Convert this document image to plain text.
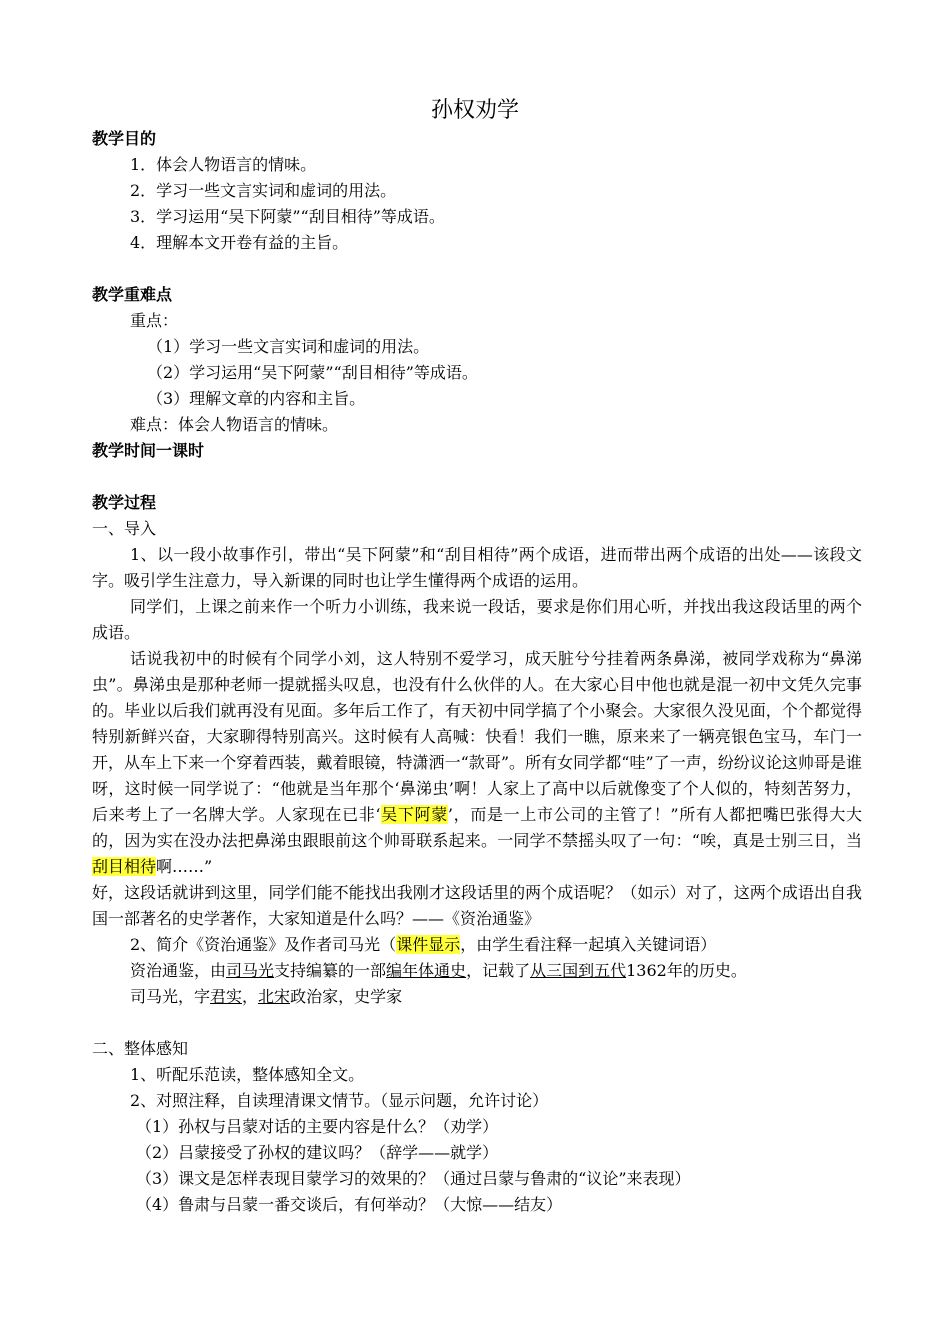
孙权劝学

教学目的

1．体会人物语言的情味。

2．学习一些文言实词和虚词的用法。

3．学习运用“吴下阿蒙”“刮目相待”等成语。

4．理解本文开卷有益的主旨。

教学重难点

重点：

（1）学习一些文言实词和虚词的用法。

（2）学习运用“吴下阿蒙”“刮目相待”等成语。

（3）理解文章的内容和主旨。

难点：体会人物语言的情味。

教学时间一课时

教学过程

一、导入

1、以一段小故事作引，带出“吴下阿蒙”和“刮目相待”两个成语，进而带出两个成语的出处——该段文字。吸引学生注意力，导入新课的同时也让学生懂得两个成语的运用。

同学们，上课之前来作一个听力小训练，我来说一段话，要求是你们用心听，并找出我这段话里的两个成语。

话说我初中的时候有个同学小刘，这人特别不爱学习，成天脏兮兮挂着两条鼻涕，被同学戏称为“鼻涕虫”。鼻涕虫是那种老师一提就摇头叹息，也没有什么伙伴的人。在大家心目中他也就是混一初中文凭久完事的。毕业以后我们就再没有见面。多年后工作了，有天初中同学搞了个小聚会。大家很久没见面，个个都觉得特别新鲜兴奋，大家聊得特别高兴。这时候有人高喊：快看！我们一瞧，原来来了一辆亮银色宝马，车门一开，从车上下来一个穿着西装，戴着眼镜，特潇洒一“款哥”。所有女同学都“哇”了一声，纷纷议论这帅哥是谁呀，这时候一同学说了：“他就是当年那个‘鼻涕虫’啊！人家上了高中以后就像变了个人似的，特刻苦努力，后来考上了一名牌大学。人家现在已非‘吴下阿蒙’，而是一上市公司的主管了！”所有人都把嘴巴张得大大的，因为实在没办法把鼻涕虫跟眼前这个帅哥联系起来。一同学不禁摇头叹了一句：“唉，真是士别三日，当刮目相待啊……”

好，这段话就讲到这里，同学们能不能找出我刚才这段话里的两个成语呢？（如示）对了，这两个成语出自我国一部著名的史学著作，大家知道是什么吗？——《资治通鉴》

2、简介《资治通鉴》及作者司马光（课件显示，由学生看注释一起填入关键词语）

资治通鉴，由司马光支持编纂的一部编年体通史，记载了从三国到五代1362年的历史。

司马光，字君实，北宋政治家，史学家

二、整体感知

1、听配乐范读，整体感知全文。

2、对照注释，自读理清课文情节。（显示问题，允许讨论）

（1）孙权与吕蒙对话的主要内容是什么？（劝学）

（2）吕蒙接受了孙权的建议吗？（辞学——就学）

（3）课文是怎样表现目蒙学习的效果的？（通过吕蒙与鲁肃的“议论”来表现）

（4）鲁肃与吕蒙一番交谈后，有何举动？（大惊——结友）
